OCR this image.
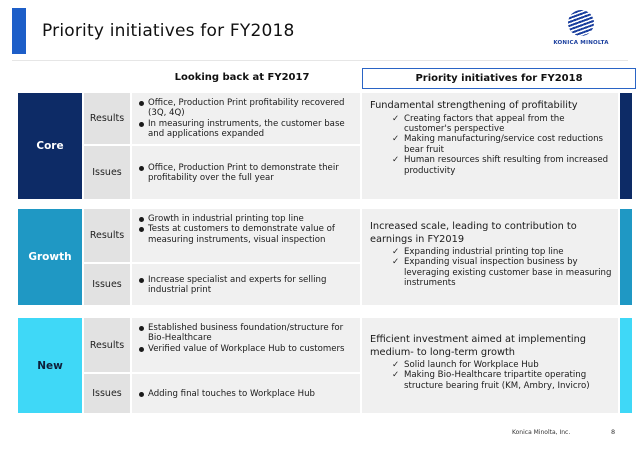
Priority initiatives for FY2018
KONICA MINOLTA
Looking back at FY2017	Priority initiatives for FY2018
Core
Results
Issues
Office, Production Print profitability recovered (3Q, 4Q)
In measuring instruments, the customer base and applications expanded
Office, Production Print to demonstrate their profitability over the full year
Fundamental strengthening of profitability
✓ Creating factors that appeal from the customer's perspective
✓ Making manufacturing/service cost reductions bear fruit
✓ Human resources shift resulting from increased productivity
Growth
Results
Issues
Growth in industrial printing top line
Tests at customers to demonstrate value of measuring instruments, visual inspection
Increase specialist and experts for selling industrial print
Increased scale, leading to contribution to earnings in FY2019
✓ Expanding industrial printing top line
✓ Expanding visual inspection business by leveraging existing customer base in measuring instruments
New
Results
Issues
Established business foundation/structure for Bio-Healthcare
Verified value of Workplace Hub to customers
Adding final touches to Workplace Hub
Efficient investment aimed at implementing medium- to long-term growth
✓ Solid launch for Workplace Hub
✓ Making Bio-Healthcare tripartite operating structure bearing fruit (KM, Ambry, Invicro)
Konica Minolta, Inc.	8
